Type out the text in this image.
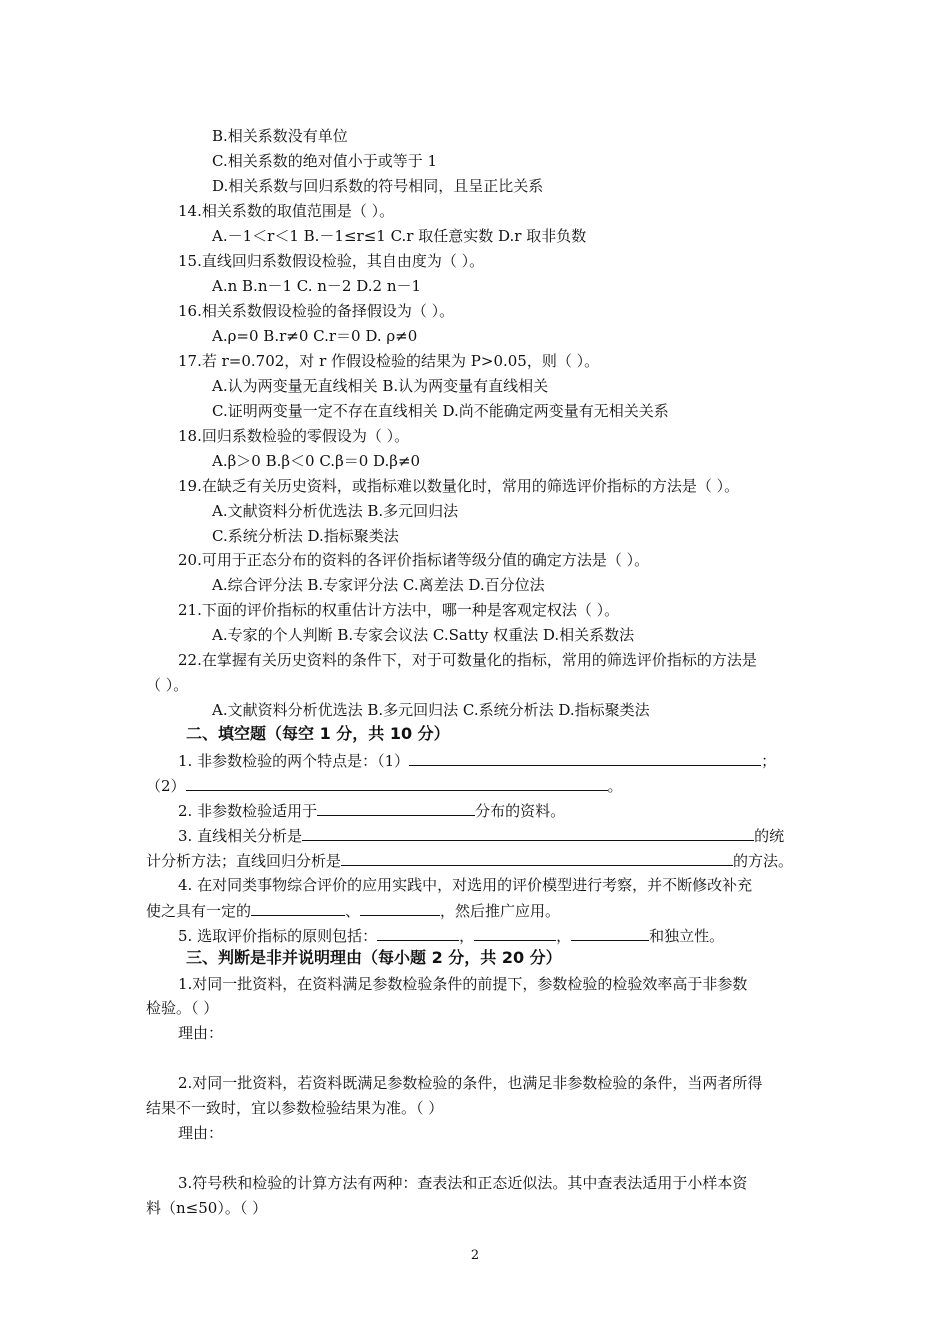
B.相关系数没有单位
C.相关系数的绝对值小于或等于 1
D.相关系数与回归系数的符号相同，且呈正比关系
14.相关系数的取值范围是（ ）。
A.－1＜r＜1 B.－1≤r≤1 C.r 取任意实数 D.r 取非负数
15.直线回归系数假设检验，其自由度为（ ）。
A.n B.n－1 C. n－2 D.2 n－1
16.相关系数假设检验的备择假设为（ ）。
A.ρ=0 B.r≠0 C.r＝0 D. ρ≠0
17.若 r=0.702，对 r 作假设检验的结果为 P>0.05，则（ ）。
A.认为两变量无直线相关 B.认为两变量有直线相关
C.证明两变量一定不存在直线相关 D.尚不能确定两变量有无相关关系
18.回归系数检验的零假设为（ ）。
A.β＞0 B.β＜0 C.β＝0 D.β≠0
19.在缺乏有关历史资料，或指标难以数量化时，常用的筛选评价指标的方法是（ ）。
A.文献资料分析优选法 B.多元回归法
C.系统分析法 D.指标聚类法
20.可用于正态分布的资料的各评价指标诸等级分值的确定方法是（ ）。
A.综合评分法 B.专家评分法 C.离差法 D.百分位法
21.下面的评价指标的权重估计方法中，哪一种是客观定权法（ ）。
A.专家的个人判断 B.专家会议法 C.Satty 权重法 D.相关系数法
22.在掌握有关历史资料的条件下，对于可数量化的指标，常用的筛选评价指标的方法是
（ ）。
A.文献资料分析优选法 B.多元回归法 C.系统分析法 D.指标聚类法
二、填空题（每空 1 分，共 10 分）
1. 非参数检验的两个特点是：（1）	；
（2）	。
2. 非参数检验适用于	分布的资料。
3. 直线相关分析是	的统
计分析方法；直线回归分析是	的方法。
4. 在对同类事物综合评价的应用实践中，对选用的评价模型进行考察，并不断修改补充
使之具有一定的	、	，然后推广应用。
5. 选取评价指标的原则包括：	，	，	和独立性。
三、判断是非并说明理由（每小题 2 分，共 20 分）
1.对同一批资料，在资料满足参数检验条件的前提下，参数检验的检验效率高于非参数
检验。（ ）
理由：
2.对同一批资料，若资料既满足参数检验的条件，也满足非参数检验的条件，当两者所得
结果不一致时，宜以参数检验结果为准。（ ）
理由：
3.符号秩和检验的计算方法有两种：查表法和正态近似法。其中查表法适用于小样本资
料（n≤50）。（ ）
2
